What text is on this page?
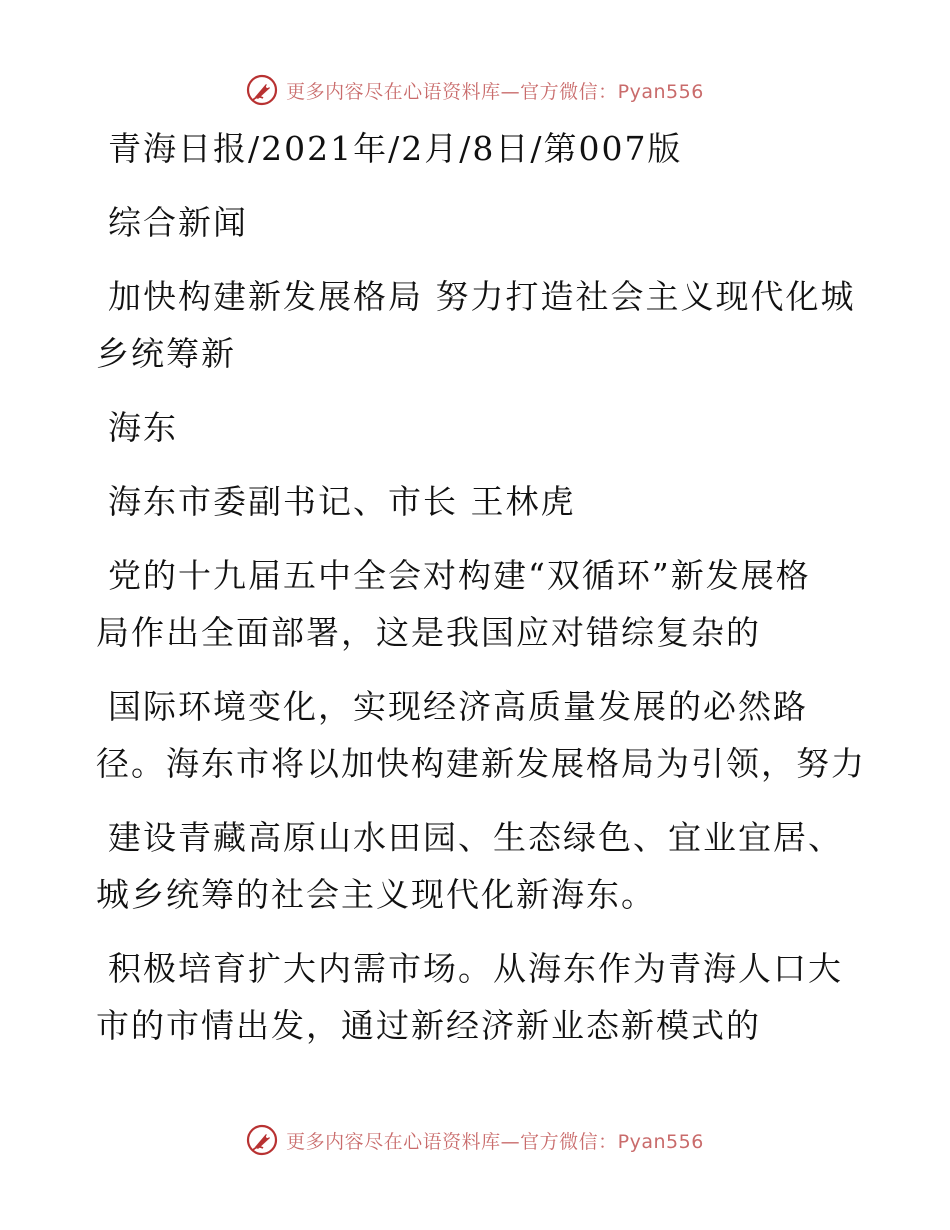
更多内容尽在心语资料库—官方微信：Pyan556

青海日报/2021年/2月/8日/第007版

综合新闻

加快构建新发展格局 努力打造社会主义现代化城
乡统筹新

海东

海东市委副书记、市长 王林虎

党的十九届五中全会对构建“双循环”新发展格
局作出全面部署，这是我国应对错综复杂的

国际环境变化，实现经济高质量发展的必然路
径。海东市将以加快构建新发展格局为引领，努力

建设青藏高原山水田园、生态绿色、宜业宜居、
城乡统筹的社会主义现代化新海东。

积极培育扩大内需市场。从海东作为青海人口大
市的市情出发，通过新经济新业态新模式的

更多内容尽在心语资料库—官方微信：Pyan556
